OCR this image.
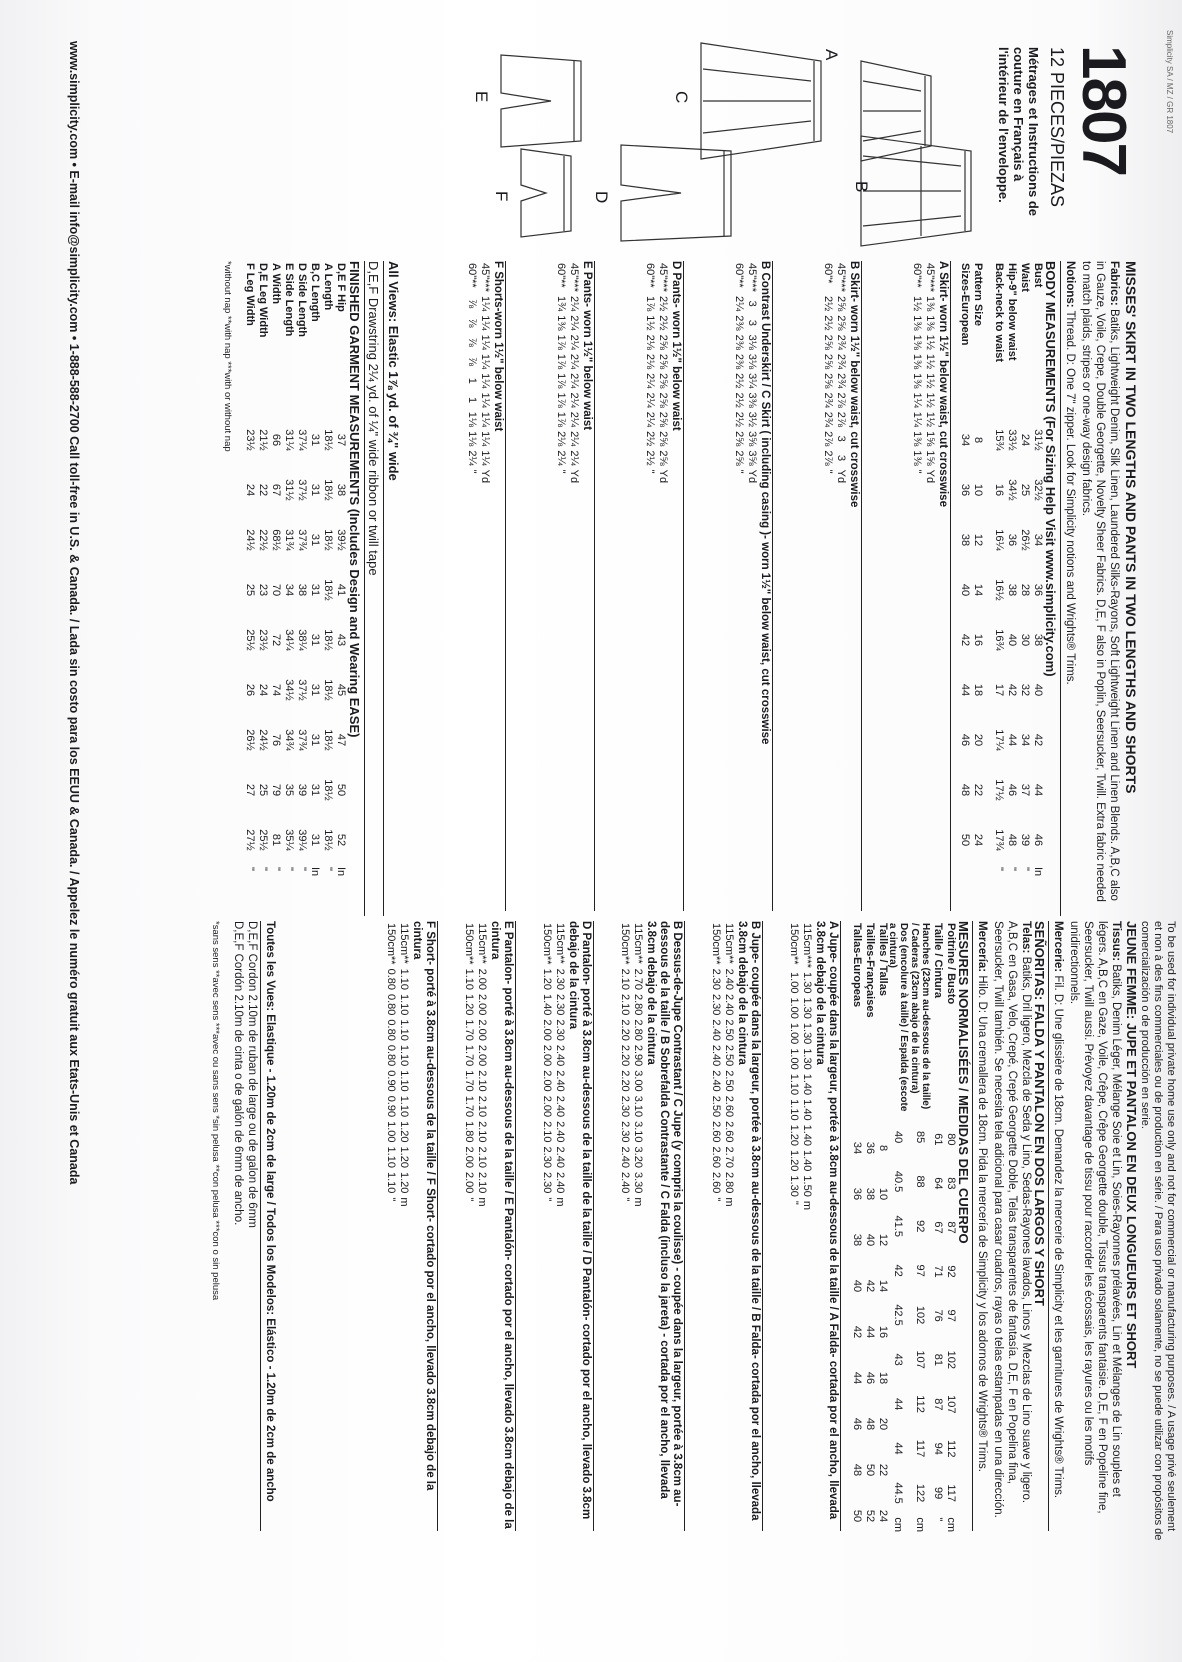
1807
12 PIECES/PIEZAS
Métrages et Instructions de couture en Français à l'intérieur de l'enveloppe.
A
B
C
D
E
F
MISSES' SKIRT IN TWO LENGTHS AND PANTS IN TWO LENGTHS AND SHORTS
Fabrics: Batiks, Lightweight Denim, Silk Linen, Laundered Silks-Rayons, Soft Lightweight Linen and Linen Blends. A,B,C also in Gauze, Voile, Crepe, Double Georgette, Novelty Sheer Fabrics. D,E, F also in Poplin, Seersucker, Twill. Extra fabric needed to match plaids, stripes or one-way design fabrics.
Notions: Thread. D: One 7" zipper. Look for Simplicity notions and Wrights® Trims.
BODY MEASUREMENTS (For Sizing Help Visit www.simplicity.com)
Bust	31½	32½	34	36	38	40	42	44	46	In
Waist	24	25	26½	28	30	32	34	37	39	"
Hip-9" below waist	33½	34½	36	38	40	42	44	46	48	"
Back-neck to waist	15¾	16	16¼	16½	16¾	17	17¼	17½	17¾	"
Pattern Size	8	10	12	14	16	18	20	22	24
Sizes-European	34	36	38	40	42	44	46	48	50
A Skirt- worn 1½" below waist, cut crosswise
45"***	1⅜	1⅜	1½	1½	1½	1½	1½	1⅝	1⅝	Yd
60"**	1½	1⅜	1⅜	1⅜	1⅜	1¼	1¼	1⅜	1⅜	"
B Skirt- worn 1½" below waist, cut crosswise
45"***	2⅝	2⅝	2¾	2¾	2¾	2⅞	2⅞	3	3	Yd
60"*	2½	2½	2⅝	2⅝	2⅝	2¾	2¾	2⅞	2⅞	"
B Contrast Underskirt / C Skirt ( including casing )- worn 1½" below waist, cut crosswise
45"***	3	3	3⅛	3⅛	3¼	3⅜	3½	3⅝	3⅝	Yd
60"**	2¼	2⅜	2⅜	2⅜	2½	2½	2½	2⅝	2⅝	"
D Pants- worn 1½" below waist
45"***	2½	2½	2⅝	2⅝	2⅝	2⅝	2⅝	2⅝	2⅝	Yd
60"**	1⅞	1½	2⅛	2⅛	2¼	2¼	2¼	2½	2½	"
E Pants- worn 1½" below waist
45"***	2¼	2¼	2¼	2¼	2¼	2¼	2¼	2¼	2¼	Yd
60"**	1¾	1⅜	1⅞	1⅞	1⅞	1⅞	1⅞	2⅛	2¼	"
F Shorts-worn 1½" below waist
45"***	1¼	1¼	1¼	1¼	1¼	1¼	1¼	1¼	1¼	Yd
60"**	⅞	⅞	⅞	⅞	1	1	1⅛	1⅛	2¼	"
All Views: Elastic 1⅞ yd. of ¾" wide
D,E,F Drawstring 2¼ yd. of ¼" wide ribbon or twill tape
FINISHED GARMENT MEASUREMENTS (Includes Design and Wearing EASE)
D,E F Hip	37	38	39½	41	43	45	47	50	52	In
A Length	18½	18½	18½	18½	18½	18½	18½	18½	18½	"
B,C Length	31	31	31	31	31	31	31	31	31	In
D Side Length	37¼	37½	37¾	38	38¼	37½	37¾	39	39¼	"
E Side Length	31¼	31½	31¾	34	34¼	34½	34¾	35	35¼	"
A Width	66	67	68½	70	72	74	76	79	81	"
D,E Leg Width	21½	22	22½	23	23½	24	24½	25	25½	"
F Leg Width	23½	24	24½	25	25½	26	26½	27	27½	"
*without nap **with nap ***with or without nap
JEUNE FEMME: JUPE ET PANTALON EN DEUX LONGUEURS ET SHORT
Tissus: Batiks, Denim Léger, Mélange Soie et Lin, Soies-Rayonnes prélavées, Lin et Mélanges de Lin souples et légers. A,B,C en Gaze, Voile, Crêpe, Crêpe Georgette double, Tissus transparents fantaisie. D,E, F en Popeline fine, Seersucker, Twill aussi. Prévoyez davantage de tissu pour raccorder les écossais, les rayures ou les motifs unidirectionnels.
Mercerie: Fil. D: Une glissière de 18cm. Demandez la mercerie de Simplicity et les garnitures de Wrights® Trims.
SEÑORITAS: FALDA Y PANTALON EN DOS LARGOS Y SHORT
Telas: Batiks, Dril ligero, Mezcla de Seda y Lino, Sedas-Rayones lavados, Linos y Mezclas de Lino suave y ligero. A,B,C en Gasa, Velo, Crepé, Crepé Georgette Doble, Telas transparentes de fantasía. D,E, F en Popelina fina, Seersucker, Twill también. Se necesita tela adicional para casar cuadros, rayas o telas estampadas en una dirección.
Mercería: Hilo. D: Una cremallera de 18cm. Pida la mercería de Simplicity y los adornos de Wrights® Trims.
MESURES NORMALISÉES / MEDIDAS DEL CUERPO
Poitrine / Busto	80	83	87	92	97	102	107	112	117	cm
Taille / Cintura	61	64	67	71	76	81	87	94	99	"
Hanches (23cm au-dessous de la taille) / Caderas (23cm abajo de la cintura)	85	88	92	97	102	107	112	117	122	cm
Dos (encolure à taille) / Espalda (escote a cintura)	40	40.5	41.5	42	42.5	43	44	44	44.5	cm
Tailles / Tallas	8	10	12	14	16	18	20	22	24
Tailles-Françaises	36	38	40	42	44	46	48	50	52
Tallas-Europeas	34	36	38	40	42	44	46	48	50
A Jupe- coupée dans la largeur, portée à 3.8cm au-dessous de la taille / A Falda- cortada por el ancho, llevada 3.8cm debajo de la cintura
115cm***	1.30	1.30	1.30	1.30	1.40	1.40	1.40	1.40	1.50	m
150cm**	1.00	1.00	1.00	1.00	1.10	1.10	1.20	1.20	1.30	"
B Jupe- coupée dans la largeur, portée à 3.8cm au-dessous de la taille / B Falda- cortada por el ancho, llevada 3.8cm debajo de la cintura
115cm**	2.40	2.40	2.50	2.50	2.50	2.60	2.60	2.70	2.80	m
150cm**	2.30	2.30	2.40	2.40	2.40	2.50	2.60	2.60	2.60	"
B Dessus-de-Jupe Contrastant / C Jupe (y compris la coulisse) - coupée dans la largeur, portée à 3.8cm au-dessous de la taille / B Sobrefalda Contrastante / C Falda (incluso la jareta) - cortada por el ancho, llevada 3.8cm debajo de la cintura
115cm**	2.70	2.80	2.80	2.90	3.00	3.10	3.10	3.20	3.30	m
150cm**	2.10	2.10	2.20	2.20	2.20	2.30	2.30	2.40	2.40	"
D Pantalon- porté à 3.8cm au-dessous de la taille de la taille / D Pantalón- cortado por el ancho, llevado 3.8cm debajo de la cintura
115cm**	2.30	2.30	2.30	2.40	2.40	2.40	2.40	2.40	2.40	m
150cm**	1.20	1.40	2.00	2.00	2.00	2.00	2.10	2.30	2.30	"
E Pantalon- porté à 3.8cm au-dessous de la taille / E Pantalón- cortado por el ancho, llevado 3.8cm debajo de la cintura
115cm**	2.00	2.00	2.00	2.00	2.10	2.10	2.10	2.10	2.10	m
150cm**	1.10	1.20	1.70	1.70	1.70	1.70	1.80	2.00	2.00	"
F Short- porté à 3.8cm au-dessous de la taille / F Short- cortado por el ancho, llevado 3.8cm debajo de la cintura
115cm**	1.10	1.10	1.10	1.10	1.10	1.10	1.20	1.20	1.20	m
150cm**	0.80	0.80	0.80	0.80	0.90	0.90	1.00	1.10	1.10	"
Toutes les Vues: Elastique - 1.20m de 2cm de large / Todos los Modelos: Elástico - 1.20m de 2cm de ancho
D,E,F Cordon 2.10m de ruban de large ou de galon de 6mm
D,E,F Cordón 2.10m de cinta o de galón de 6mm de ancho.
*sans sens **avec sens ***avec ou sans sens *sin pelusa **con pelusa ***con o sin pelusa	To be used for individual private home use only and not for commercial or manufacturing purposes. / A usage privé seulement et non à des fins commerciales ou de production en série. / Para uso privado solamente, no se puede utilizar con propósitos de comercialización o de producción en serie.
www.simplicity.com • E-mail info@simplicity.com • 1-888-588-2700 Call toll-free in U.S. & Canada. / Lada sin costo para los EEUU & Canada. / Appelez le numéro gratuit aux Etats-Unis et Canada	Simplicity SA / MZ / GR 1807
